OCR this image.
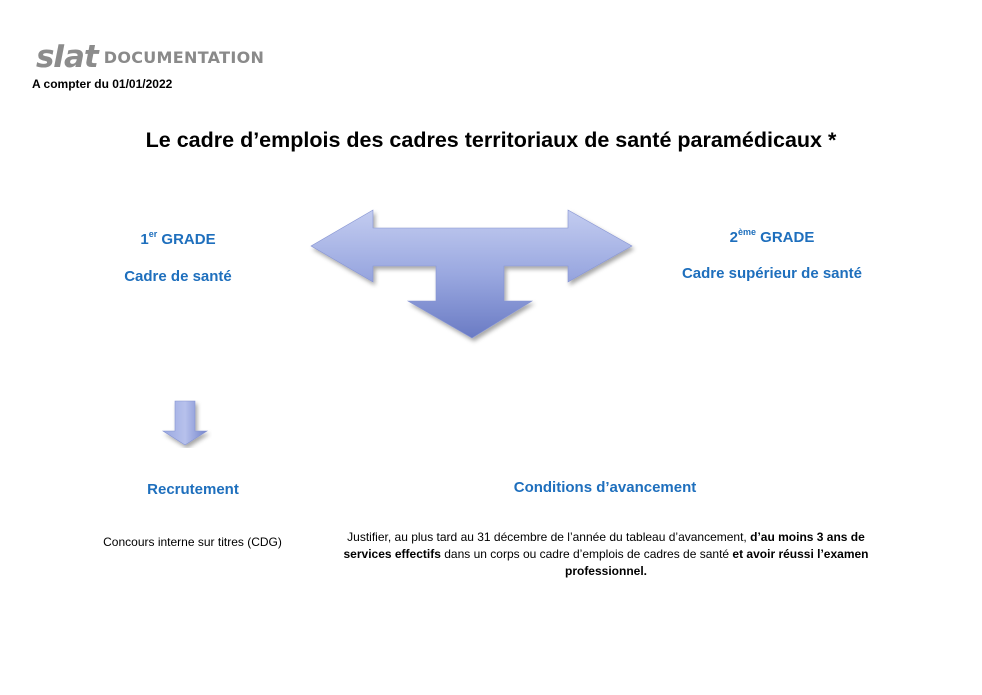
sIat DOCUMENTATION
A compter du 01/01/2022
Le cadre d’emplois des cadres territoriaux de santé paramédicaux *
1er GRADE
Cadre de santé
2ème GRADE
Cadre supérieur de santé
Recrutement	Conditions d’avancement
Concours interne sur titres (CDG)	Justifier, au plus tard au 31 décembre de l’année du tableau d’avancement, d’au moins 3 ans de services effectifs dans un corps ou cadre d’emplois de cadres de santé et avoir réussi l’examen professionnel.
